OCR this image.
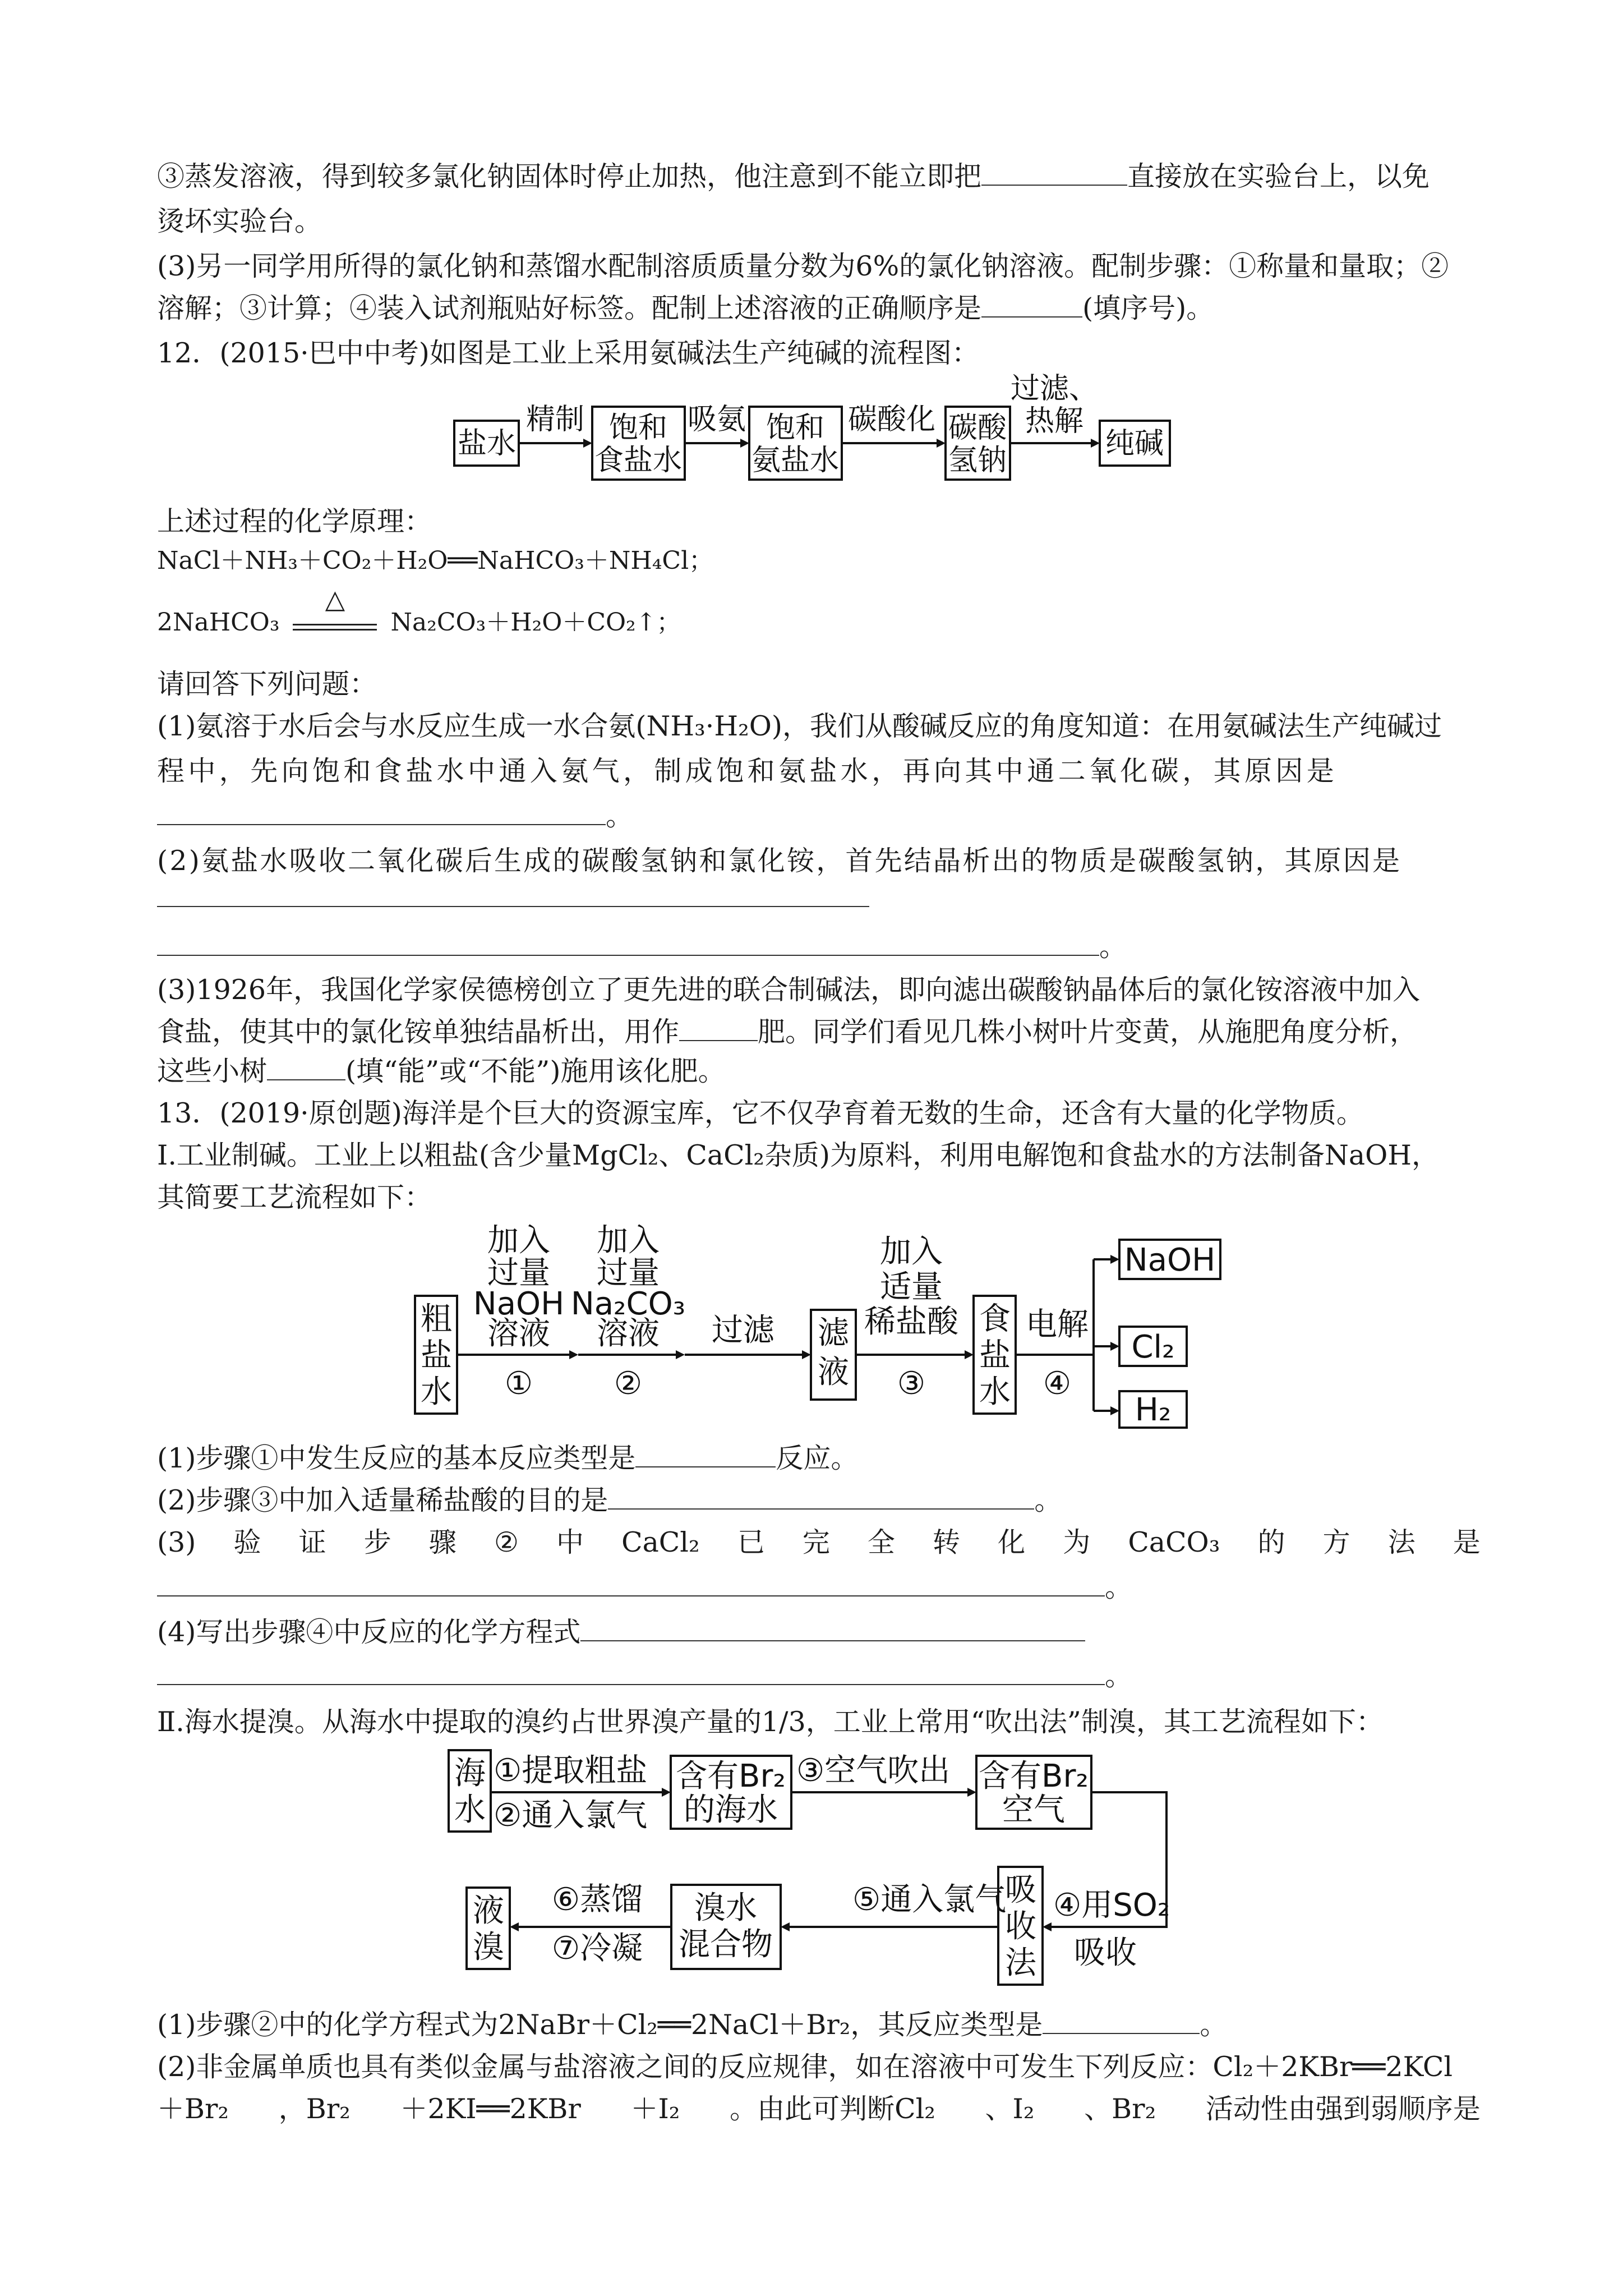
③蒸发溶液，得到较多氯化钠固体时停止加热，他注意到不能立即把	直接放在实验台上，以免
烫坏实验台。
(3)另一同学用所得的氯化钠和蒸馏水配制溶质质量分数为6%的氯化钠溶液。配制步骤：①称量和量取；②
溶解；③计算；④装入试剂瓶贴好标签。配制上述溶液的正确顺序是	(填序号)。
12．(2015·巴中中考)如图是工业上采用氨碱法生产纯碱的流程图：
盐水
精制 饱和
食盐水
吸氨 饱和
氨盐水
碳酸化 碳酸
氢钠
过滤、
热解
纯碱
上述过程的化学原理：
NaCl＋NH₃＋CO₂＋H₂O══NaHCO₃＋NH₄Cl；
2NaHCO₃
△
Na₂CO₃＋H₂O＋CO₂↑；
请回答下列问题：
(1)氨溶于水后会与水反应生成一水合氨(NH₃·H₂O)，我们从酸碱反应的角度知道：在用氨碱法生产纯碱过
程中，先向饱和食盐水中通入氨气，制成饱和氨盐水，再向其中通二氧化碳，其原因是
。
(2)氨盐水吸收二氧化碳后生成的碳酸氢钠和氯化铵，首先结晶析出的物质是碳酸氢钠，其原因是
。
(3)1926年，我国化学家侯德榜创立了更先进的联合制碱法，即向滤出碳酸钠晶体后的氯化铵溶液中加入
食盐，使其中的氯化铵单独结晶析出，用作	肥。同学们看见几株小树叶片变黄，从施肥角度分析，
这些小树	(填“能”或“不能”)施用该化肥。
13．(2019·原创题)海洋是个巨大的资源宝库，它不仅孕育着无数的生命，还含有大量的化学物质。
Ⅰ.工业制碱。工业上以粗盐(含少量MgCl₂、CaCl₂杂质)为原料，利用电解饱和食盐水的方法制备NaOH，
其简要工艺流程如下：
粗
盐
水
加入
过量
NaOH
溶液
①
加入
过量
Na₂CO₃
溶液
②
过滤 滤
液
加入
适量
稀盐酸
③
食
盐
水
电解
④
NaOH
Cl₂
H₂
(1)步骤①中发生反应的基本反应类型是	反应。
(2)步骤③中加入适量稀盐酸的目的是	。
(3) 验 证 步 骤 ② 中 CaCl₂ 已 完 全 转 化 为 CaCO₃ 的 方 法 是
。
(4)写出步骤④中反应的化学方程式
。
Ⅱ.海水提溴。从海水中提取的溴约占世界溴产量的1/3，工业上常用“吹出法”制溴，其工艺流程如下：
海
水
①提取粗盐
②通入氯气
含有Br₂
的海水
③空气吹出 含有Br₂
空气
④用SO₂
吸收
吸
收
法
⑤通入氯气
溴水
混合物
⑥蒸馏
⑦冷凝
液
溴
(1)步骤②中的化学方程式为2NaBr＋Cl₂══2NaCl＋Br₂，其反应类型是	。
(2)非金属单质也具有类似金属与盐溶液之间的反应规律，如在溶液中可发生下列反应：Cl₂＋2KBr══2KCl
＋Br₂ ，Br₂ ＋2KI══2KBr ＋I₂ 。由此可判断Cl₂ 、I₂ 、Br₂ 活动性由强到弱顺序是
